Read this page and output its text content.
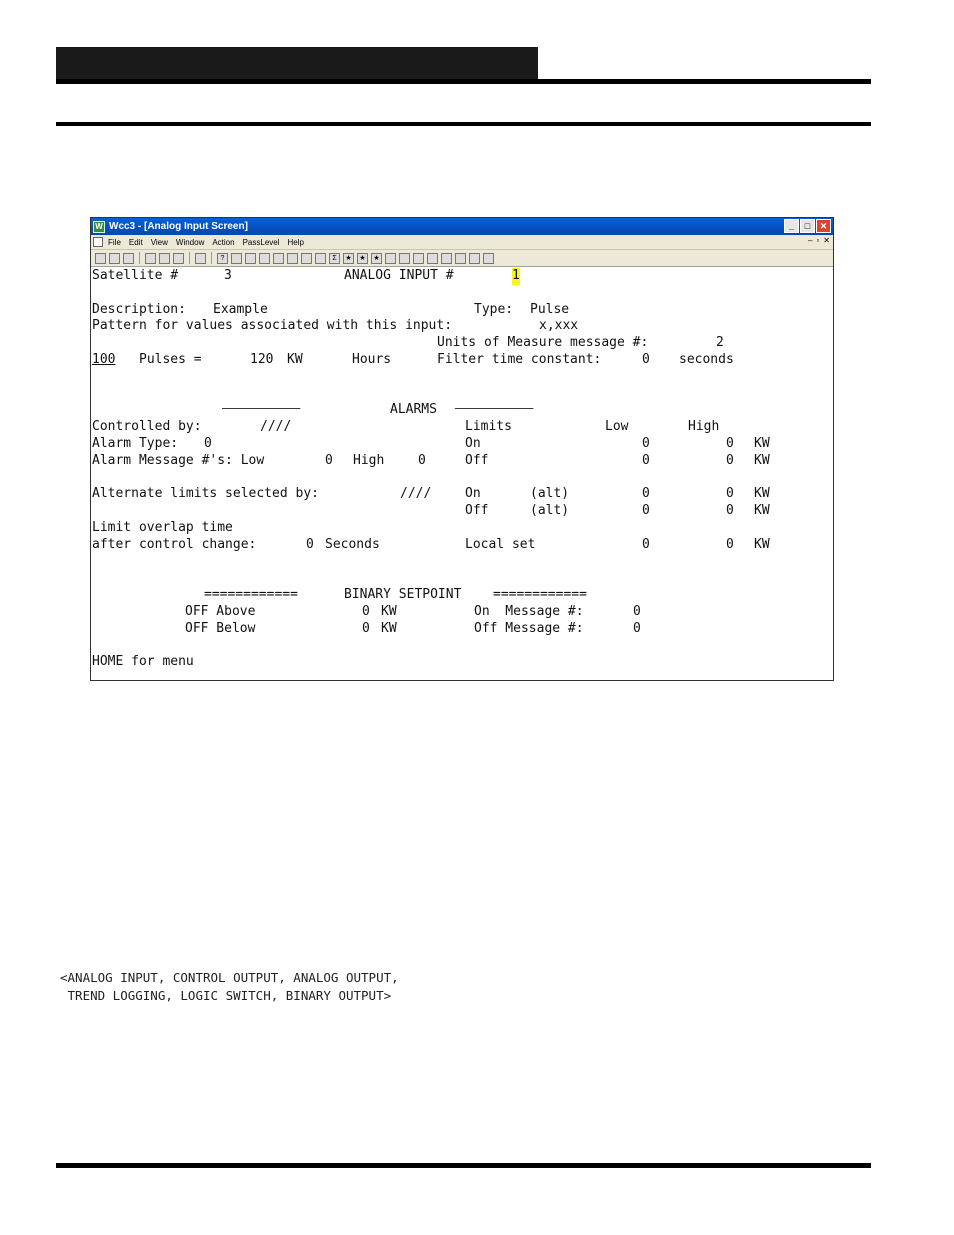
W Wcc3 - [Analog Input Screen]	_	□	✕
File Edit View Window Action PassLevel Help	– ▫ ✕
?	Σ	★	★	★
Satellite #	3	ANALOG INPUT #	1
Description: Example	Type: Pulse
Pattern for values associated with this input:	x,xxx
Units of Measure message #:	2
100 Pulses =	120 KW	Hours	Filter time constant:	0 seconds
─────────────	ALARMS ─────────────
Controlled by:	////	Limits	Low	High
Alarm Type: 0	On	0	0 KW
Alarm Message #'s: Low	0 High	0	Off	0	0 KW
Alternate limits selected by:	////	On	(alt)	0	0 KW
Off	(alt)	0	0 KW
Limit overlap time
after control change:	0 Seconds	Local set	0	0 KW
============	BINARY SETPOINT ============
OFF Above	0 KW	On  Message #:	0
OFF Below	0 KW	Off Message #:	0
HOME for menu
<ANALOG INPUT, CONTROL OUTPUT, ANALOG OUTPUT,
TREND LOGGING, LOGIC SWITCH, BINARY OUTPUT>
